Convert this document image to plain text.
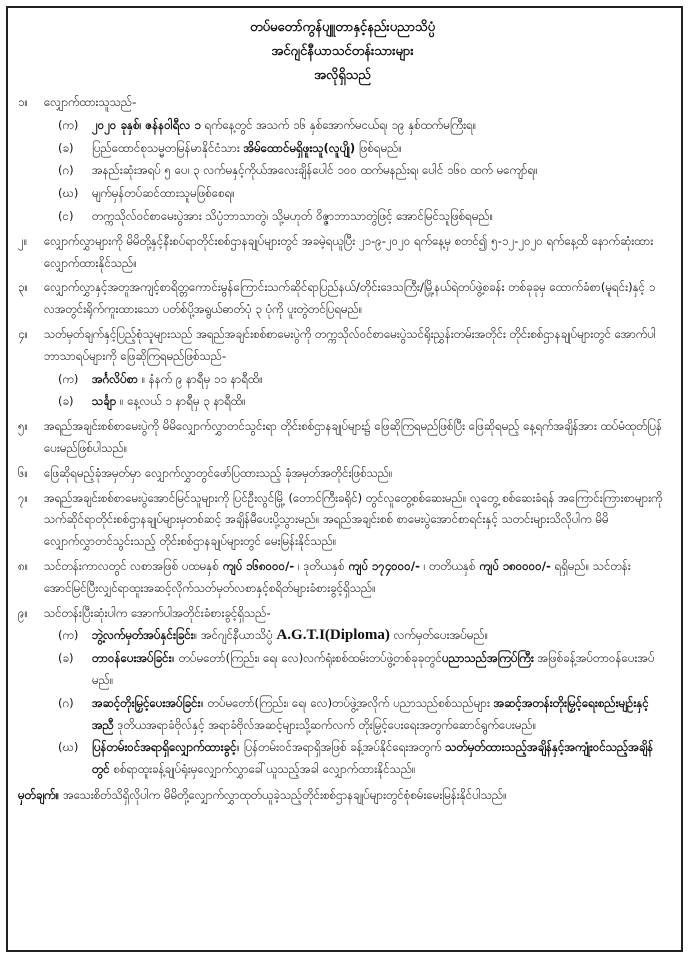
တပ်မတော်ကွန်ပျူတာနှင့်နည်းပညာသိပ္ပံ
အင်ဂျင်နီယာသင်တန်းသားများ
အလိုရှိသည်
၁။	လျှောက်ထားသူသည်-
(က)	၂၀၂၀ ခုနှစ်၊ ဇန်နဝါရီလ ၁ ရက်နေ့တွင် အသက် ၁၆ နှစ်အောက်မငယ်ရ၊ ၁၉ နှစ်ထက်မကြီးရ။
(ခ)	ပြည်ထောင်စုသမ္မတမြန်မာနိုင်ငံသား အိမ်ထောင်မရှိဖူးသူ(လူပျို) ဖြစ်ရမည်။
(ဂ)	အနည်းဆုံးအရပ် ၅ ပေ၊ ၃ လက်မနှင့်ကိုယ်အလေးချိန်ပေါင် ၁၀၀ ထက်မနည်းရ၊ ပေါင် ၁၆၀ ထက် မကျော်ရ။
(ဃ)	မျက်မှန်တပ်ဆင်ထားသူမဖြစ်စေရ။
(င)	တက္ကသိုလ်ဝင်စာမေးပွဲအား သိပ္ပံဘာသာတွဲ၊ သို့မဟုတ် ဝိဇ္ဇာဘာသာတွဲဖြင့် အောင်မြင်သူဖြစ်ရမည်။
၂။	လျှောက်လွှာများကို မိမိတို့နှင့်နီးစပ်ရာတိုင်းစစ်ဌာနချုပ်များတွင် အခမဲ့ရယူပြီး ၂၁-၉-၂၀၂၀ ရက်နေ့မှ စတင်၍ ၅-၁၂-၂၀၂၀ ရက်နေ့ထိ နောက်ဆုံးထား လျှောက်ထားနိုင်သည်။
၃။	လျှောက်လွှာနှင့်အတူအကျင့်စာရိတ္တကောင်းမွန်ကြောင်းသက်ဆိုင်ရာပြည်နယ်/တိုင်းဒေသကြီး/မြို့နယ်ရဲတပ်ဖွဲ့စခန်း တစ်ခုခုမှ ထောက်ခံစာ(မူရင်း)နှင့် ၁ လအတွင်းရိုက်ကူးထားသော ပတ်စ်ပို့အရွယ်ဓာတ်ပုံ ၃ ပုံကို ပူးတွဲတင်ပြရမည်။
၄။	သတ်မှတ်ချက်နှင့်ပြည့်စုံသူများသည် အရည်အချင်းစစ်စာမေးပွဲကို တက္ကသိုလ်ဝင်စာမေးပွဲသင်ရိုးညွှန်းတမ်းအတိုင်း တိုင်းစစ်ဌာနချုပ်များတွင် အောက်ပါဘာသာရပ်များကို ဖြေဆိုကြရမည်ဖြစ်သည်-
(က)	အင်္ဂလိပ်စာ ။ နံနက် ၉ နာရီမှ ၁၁ နာရီထိ။
(ခ)	သင်္ချာ ။ နေ့လယ် ၁ နာရီမှ ၃ နာရီထိ။
၅။	အရည်အချင်းစစ်စာမေးပွဲကို မိမိလျှောက်လွှာတင်သွင်းရာ တိုင်းစစ်ဌာနချုပ်များ၌ ဖြေဆိုကြရမည်ဖြစ်ပြီး ဖြေဆိုရမည့် နေ့ရက်အချိန်အား ထပ်မံထုတ်ပြန်ပေးမည်ဖြစ်ပါသည်။
၆။	ဖြေဆိုရမည့်ခုံအမှတ်မှာ လျှောက်လွှာတွင်ဖော်ပြထားသည့် ခုံအမှတ်အတိုင်းဖြစ်သည်။
၇။	အရည်အချင်းစစ်စာမေးပွဲအောင်မြင်သူများကို ပြင်ဦးလွင်မြို့ (တောင်ကြီးခရိုင်) တွင်လူတွေ့စစ်ဆေးမည်။ လူတွေ့ စစ်ဆေးခံရန် အကြောင်းကြားစာများကို သက်ဆိုင်ရာတိုင်းစစ်ဌာနချုပ်များမှတစ်ဆင့် အချိန်မီပေးပို့သွားမည်။ အရည်အချင်းစစ် စာမေးပွဲအောင်စာရင်းနှင့် သတင်းများသိလိုပါက မိမိလျှောက်လွှာတင်သွင်းသည့် တိုင်းစစ်ဌာနချုပ်များတွင် မေးမြန်းနိုင်သည်။
၈။	သင်တန်းကာလတွင် လစာအဖြစ် ပထမနှစ် ကျပ် ၁၆၈၀၀၀/- ၊ ဒုတိယနှစ် ကျပ် ၁၇၄၀၀၀/- ၊ တတိယနှစ် ကျပ် ၁၈၀၀၀၀/- ရရှိမည်။ သင်တန်းအောင်မြင်ပြီးလျှင်ရာထူးအဆင့်လိုက်သတ်မှတ်လစာနှင့်စရိတ်များခံစားခွင့်ရှိသည်။
၉။	သင်တန်းပြီးဆုံးပါက အောက်ပါအတိုင်းခံစားခွင့်ရှိသည်-
(က)	ဘွဲ့လက်မှတ်အပ်နှင်းခြင်း။ အင်ဂျင်နီယာသိပ္ပံ A.G.T.I(Diploma) လက်မှတ်ပေးအပ်မည်။
(ခ)	တာဝန်ပေးအပ်ခြင်း။ တပ်မတော်(ကြည်း၊ ရေ၊ လေ)လက်ရုံးစစ်ထမ်းတပ်ဖွဲ့တစ်ခုခုတွင်ပညာသည်အကြပ်ကြီး အဖြစ်ခန့်အပ်တာဝန်ပေးအပ်မည်။
(ဂ)	အဆင့်တိုးမြှင့်ပေးအပ်ခြင်း။ တပ်မတော်(ကြည်း၊ ရေ၊ လေ)တပ်ဖွဲ့အလိုက် ပညာသည်စစ်သည်များ အဆင့်အတန်းတိုးမြှင့်ရေးစည်းမျဉ်းနှင့်အညီ ဒုတိယအရာခံဗိုလ်နှင့် အရာခံဗိုလ်အဆင့်များသို့ဆက်လက် တိုးမြှင့်ပေးရေးအတွက်ဆောင်ရွက်ပေးမည်။
(ဃ)	ပြန်တမ်းဝင်အရာရှိလျှောက်ထားခွင့်။ ပြန်တမ်းဝင်အရာရှိအဖြစ် ခန့်အပ်နိုင်ရေးအတွက် သတ်မှတ်ထားသည့်အချိန်နှင့်အကျုံးဝင်သည့်အချိန်တွင် စစ်ရာထူးခန့်ချုပ်ရုံးမှလျှောက်လွှာခေါ်ယူသည့်အခါ လျှောက်ထားနိုင်သည်။
မှတ်ချက်။ အသေးစိတ်သိရှိလိုပါက မိမိတို့လျှောက်လွှာထုတ်ယူခဲ့သည့်တိုင်းစစ်ဌာနချုပ်များတွင်စုံစမ်းမေးမြန်းနိုင်ပါသည်။
